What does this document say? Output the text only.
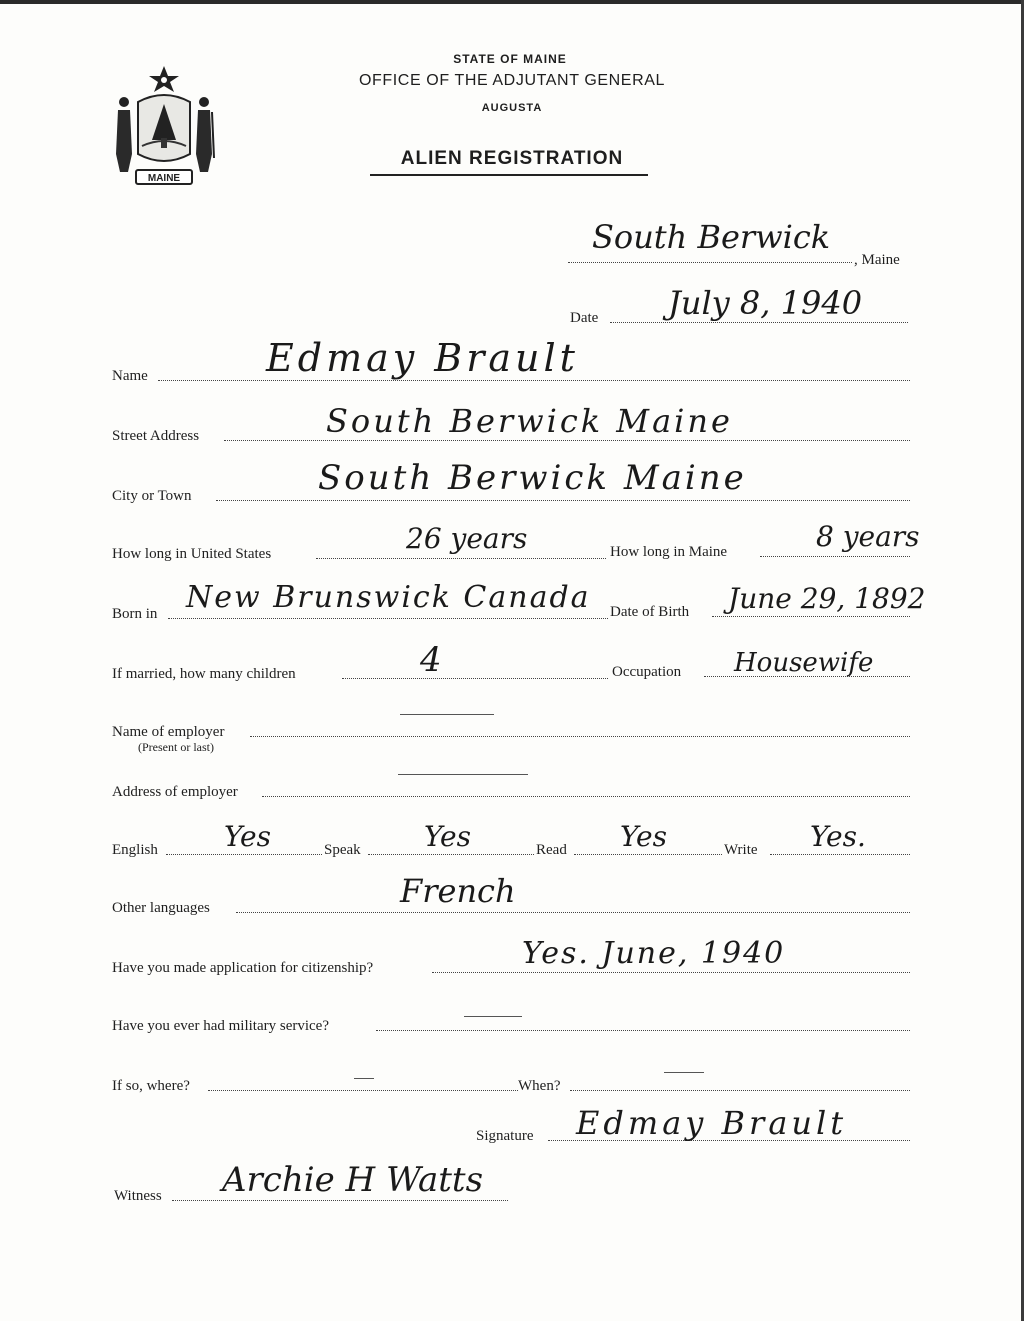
MAINE
STATE OF MAINE
OFFICE OF THE ADJUTANT GENERAL
AUGUSTA
ALIEN REGISTRATION
South Berwick
, Maine
Date July 8, 1940
Name	Edmay Brault
Street Address	South Berwick Maine
City or Town	South Berwick Maine
How long in United States	26 years	How long in Maine	8 years
Born in New Brunswick Canada Date of Birth June 29, 1892
If married, how many children	4	Occupation Housewife
Name of employer
(Present or last)
Address of employer
English Yes	Speak Yes	Read Yes	Write Yes.
Other languages	French
Have you made application for citizenship?	Yes. June, 1940
Have you ever had military service?
If so, where?	When?
Signature Edmay Brault
Witness Archie H Watts
